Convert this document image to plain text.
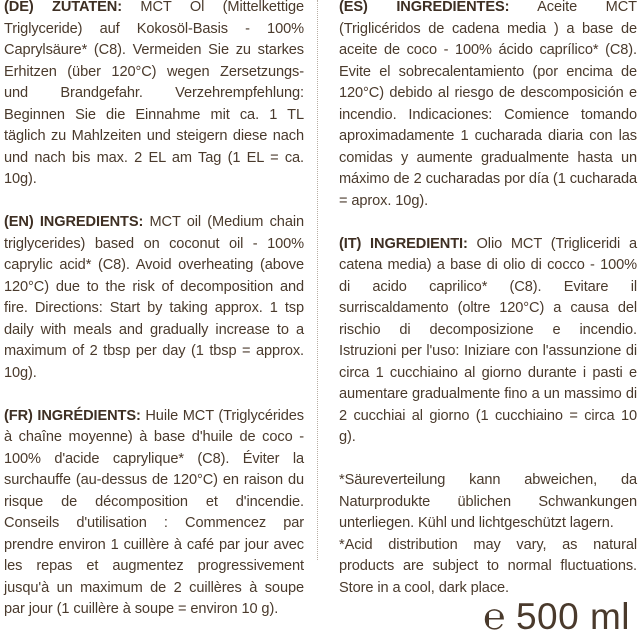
(DE) ZUTATEN: MCT Öl (Mittelkettige Triglyceride) auf Kokosöl-Basis - 100% Caprylsäure* (C8). Vermeiden Sie zu starkes Erhitzen (über 120°C) wegen Zersetzungs- und Brandgefahr. Verzehrempfehlung: Beginnen Sie die Einnahme mit ca. 1 TL täglich zu Mahlzeiten und steigern diese nach und nach bis max. 2 EL am Tag (1 EL = ca. 10g).

(EN) INGREDIENTS: MCT oil (Medium chain triglycerides) based on coconut oil - 100% caprylic acid* (C8). Avoid overheating (above 120°C) due to the risk of decomposition and fire. Directions: Start by taking approx. 1 tsp daily with meals and gradually increase to a maximum of 2 tbsp per day (1 tbsp = approx. 10g).

(FR) INGRÉDIENTS: Huile MCT (Triglycérides à chaîne moyenne) à base d'huile de coco - 100% d'acide caprylique* (C8). Éviter la surchauffe (au-dessus de 120°C) en raison du risque de décomposition et d'incendie. Conseils d'utilisation : Commencez par prendre environ 1 cuillère à café par jour avec les repas et augmentez progressivement jusqu'à un maximum de 2 cuillères à soupe par jour (1 cuillère à soupe = environ 10 g).

(ES) INGREDIENTES: Aceite MCT (Triglicéridos de cadena media ) a base de aceite de coco - 100% ácido caprílico* (C8). Evite el sobrecalentamiento (por encima de 120°C) debido al riesgo de descomposición e incendio. Indicaciones: Comience tomando aproximadamente 1 cucharada diaria con las comidas y aumente gradualmente hasta un máximo de 2 cucharadas por día (1 cucharada = aprox. 10g).

(IT) INGREDIENTI: Olio MCT (Trigliceridi a catena media) a base di olio di cocco - 100% di acido caprilico* (C8). Evitare il surriscaldamento (oltre 120°C) a causa del rischio di decomposizione e incendio. Istruzioni per l'uso: Iniziare con l'assunzione di circa 1 cucchiaino al giorno durante i pasti e aumentare gradualmente fino a un massimo di 2 cucchiai al giorno (1 cucchiaino = circa 10 g).

*Säureverteilung kann abweichen, da Naturprodukte üblichen Schwankungen unterliegen. Kühl und lichtgeschützt lagern.

*Acid distribution may vary, as natural products are subject to normal fluctuations. Store in a cool, dark place.

℮ 500 ml
